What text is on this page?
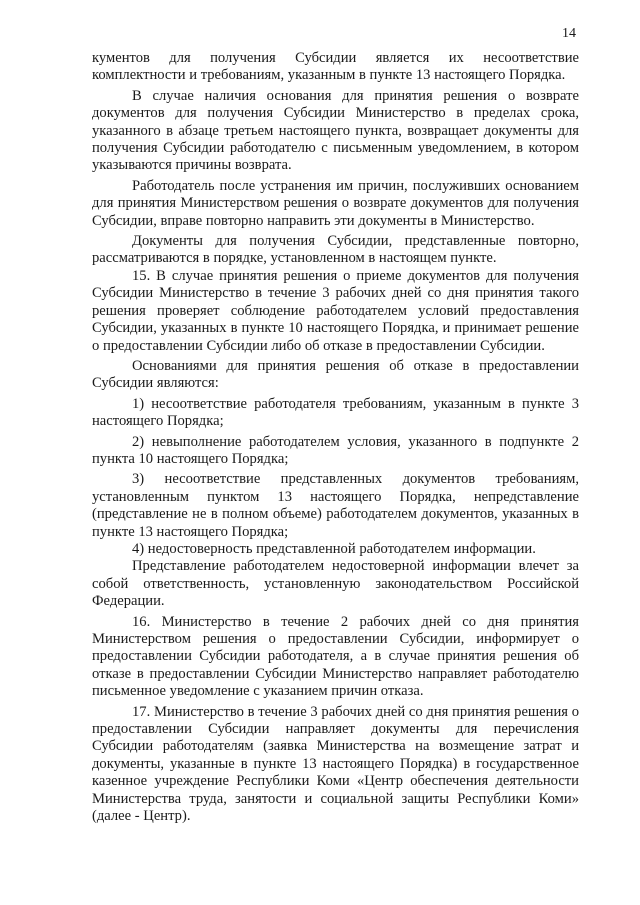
14

кументов для получения Субсидии является их несоответствие комплектности и требованиям, указанным в пункте 13 настоящего Порядка.

В случае наличия основания для принятия решения о возврате документов для получения Субсидии Министерство в пределах срока, указанного в абзаце третьем настоящего пункта, возвращает документы для получения Субсидии работодателю с письменным уведомлением, в котором указываются причины возврата.

Работодатель после устранения им причин, послуживших основанием для принятия Министерством решения о возврате документов для получения Субсидии, вправе повторно направить эти документы в Министерство.

Документы для получения Субсидии, представленные повторно, рассматриваются в порядке, установленном в настоящем пункте.

15. В случае принятия решения о приеме документов для получения Субсидии Министерство в течение 3 рабочих дней со дня принятия такого решения проверяет соблюдение работодателем условий предоставления Субсидии, указанных в пункте 10 настоящего Порядка, и принимает решение о предоставлении Субсидии либо об отказе в предоставлении Субсидии.

Основаниями для принятия решения об отказе в предоставлении Субсидии являются:

1) несоответствие работодателя требованиям, указанным в пункте 3 настоящего Порядка;

2) невыполнение работодателем условия, указанного в подпункте 2 пункта 10 настоящего Порядка;

3) несоответствие представленных документов требованиям, установленным пунктом 13 настоящего Порядка, непредставление (представление не в полном объеме) работодателем документов, указанных в пункте 13 настоящего Порядка;

4) недостоверность представленной работодателем информации.

Представление работодателем недостоверной информации влечет за собой ответственность, установленную законодательством Российской Федерации.

16. Министерство в течение 2 рабочих дней со дня принятия Министерством решения о предоставлении Субсидии, информирует о предоставлении Субсидии работодателя, а в случае принятия решения об отказе в предоставлении Субсидии Министерство направляет работодателю письменное уведомление с указанием причин отказа.

17. Министерство в течение 3 рабочих дней со дня принятия решения о предоставлении Субсидии направляет документы для перечисления Субсидии работодателям (заявка Министерства на возмещение затрат и документы, указанные в пункте 13 настоящего Порядка) в государственное казенное учреждение Республики Коми «Центр обеспечения деятельности Министерства труда, занятости и социальной защиты Республики Коми» (далее - Центр).
